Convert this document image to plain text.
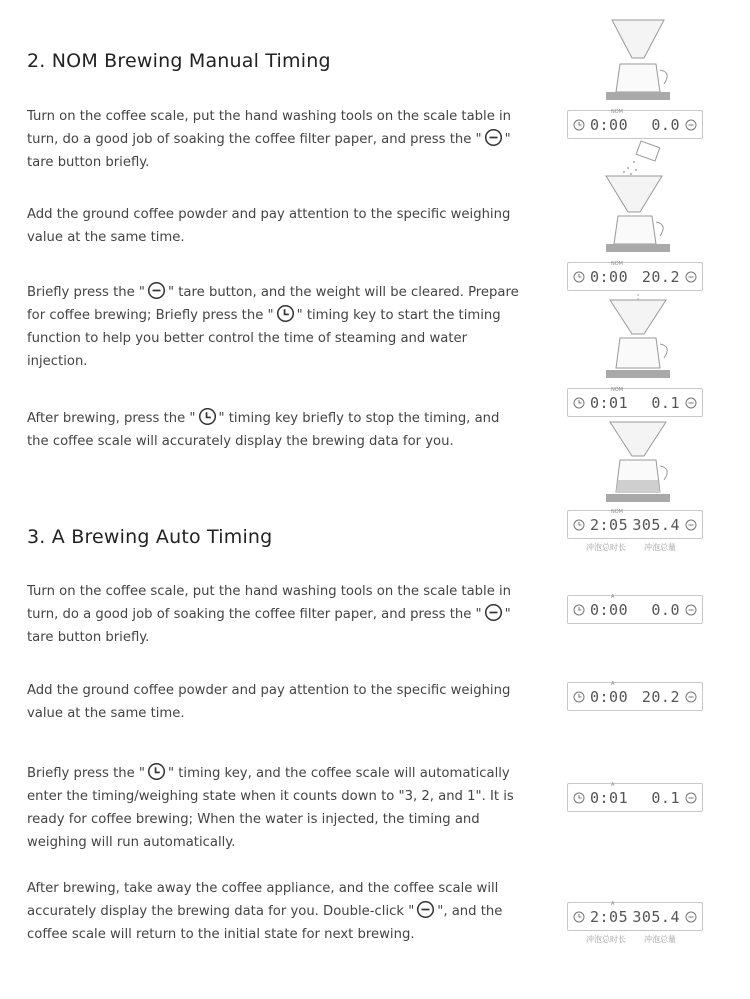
2. NOM Brewing Manual Timing

Turn on the coffee scale, put the hand washing tools on the scale table in turn, do a good job of soaking the coffee filter paper, and press the " " tare button briefly.

Add the ground coffee powder and pay attention to the specific weighing value at the same time.

Briefly press the " " tare button, and the weight will be cleared. Prepare for coffee brewing; Briefly press the " " timing key to start the timing function to help you better control the time of steaming and water injection.

After brewing, press the " " timing key briefly to stop the timing, and the coffee scale will accurately display the brewing data for you.

NOM
0:00 0.0
NOM
0:00 20.2
NOM
0:01 0.1
NOM
2:05 305.4
冲泡总时长 冲泡总量
3. A Brewing Auto Timing

Turn on the coffee scale, put the hand washing tools on the scale table in turn, do a good job of soaking the coffee filter paper, and press the " " tare button briefly.

Add the ground coffee powder and pay attention to the specific weighing value at the same time.

Briefly press the " " timing key, and the coffee scale will automatically enter the timing/weighing state when it counts down to "3, 2, and 1". It is ready for coffee brewing; When the water is injected, the timing and weighing will run automatically.

After brewing, take away the coffee appliance, and the coffee scale will accurately display the brewing data for you. Double-click " ", and the coffee scale will return to the initial state for next brewing.

A
0:00 0.0
A
0:00 20.2
A
0:01 0.1
A
2:05 305.4
冲泡总时长 冲泡总量
